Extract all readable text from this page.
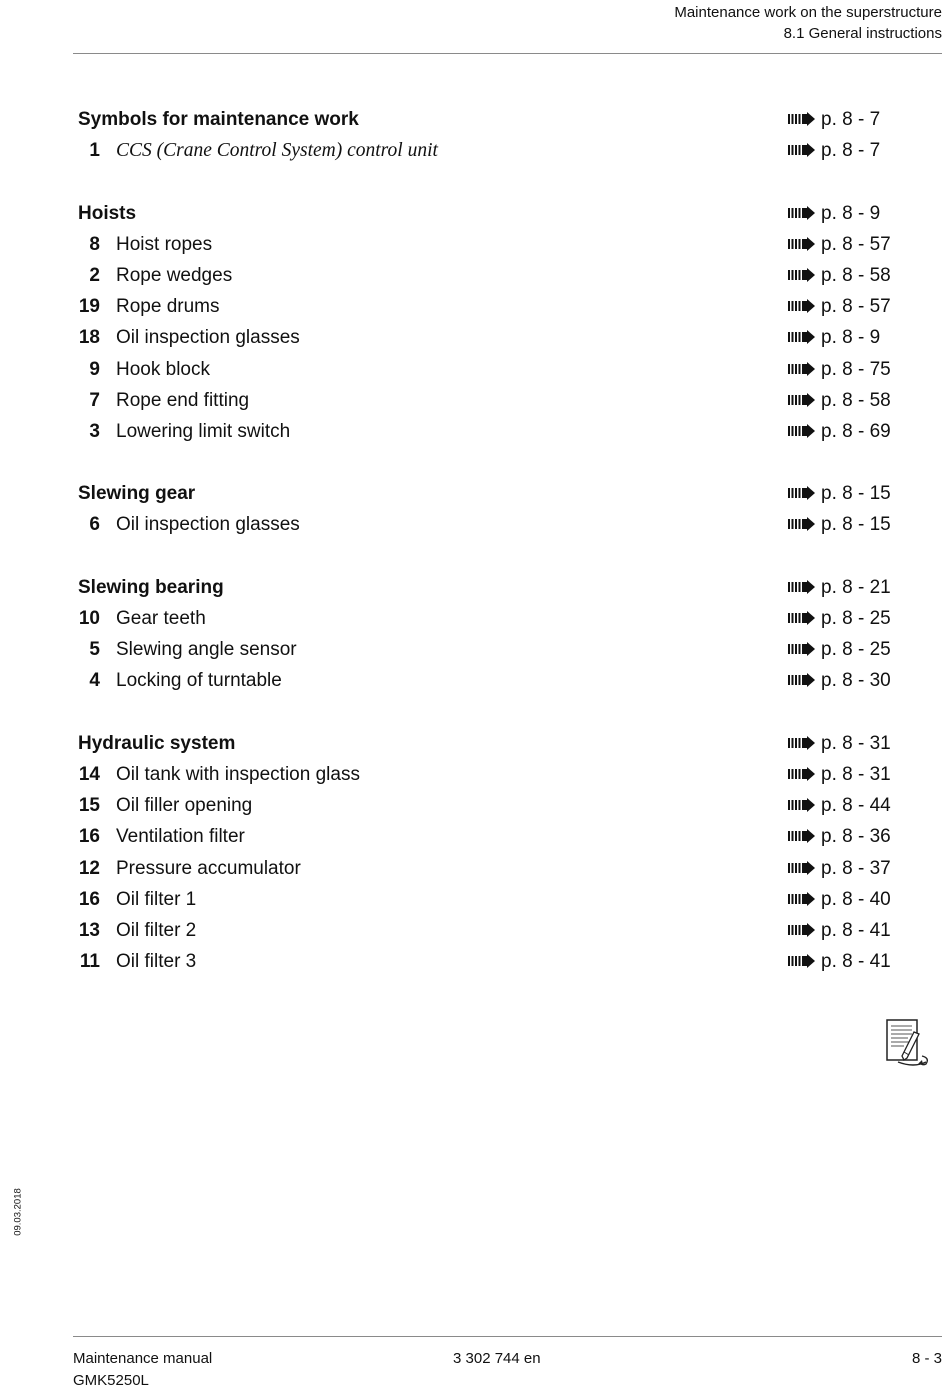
Maintenance work on the superstructure
8.1 General instructions
Symbols for maintenance work	p. 8 - 7
1 CCS (Crane Control System) control unit	p. 8 - 7
Hoists	p. 8 - 9
8 Hoist ropes	p. 8 - 57
2 Rope wedges	p. 8 - 58
19 Rope drums	p. 8 - 57
18 Oil inspection glasses	p. 8 - 9
9 Hook block	p. 8 - 75
7 Rope end fitting	p. 8 - 58
3 Lowering limit switch	p. 8 - 69
Slewing gear	p. 8 - 15
6 Oil inspection glasses	p. 8 - 15
Slewing bearing	p. 8 - 21
10 Gear teeth	p. 8 - 25
5 Slewing angle sensor	p. 8 - 25
4 Locking of turntable	p. 8 - 30
Hydraulic system	p. 8 - 31
14 Oil tank with inspection glass	p. 8 - 31
15 Oil filler opening	p. 8 - 44
16 Ventilation filter	p. 8 - 36
12 Pressure accumulator	p. 8 - 37
16 Oil filter 1	p. 8 - 40
13 Oil filter 2	p. 8 - 41
11 Oil filter 3	p. 8 - 41
09.03.2018
Maintenance manual
GMK5250L
3 302 744 en	8 - 3
